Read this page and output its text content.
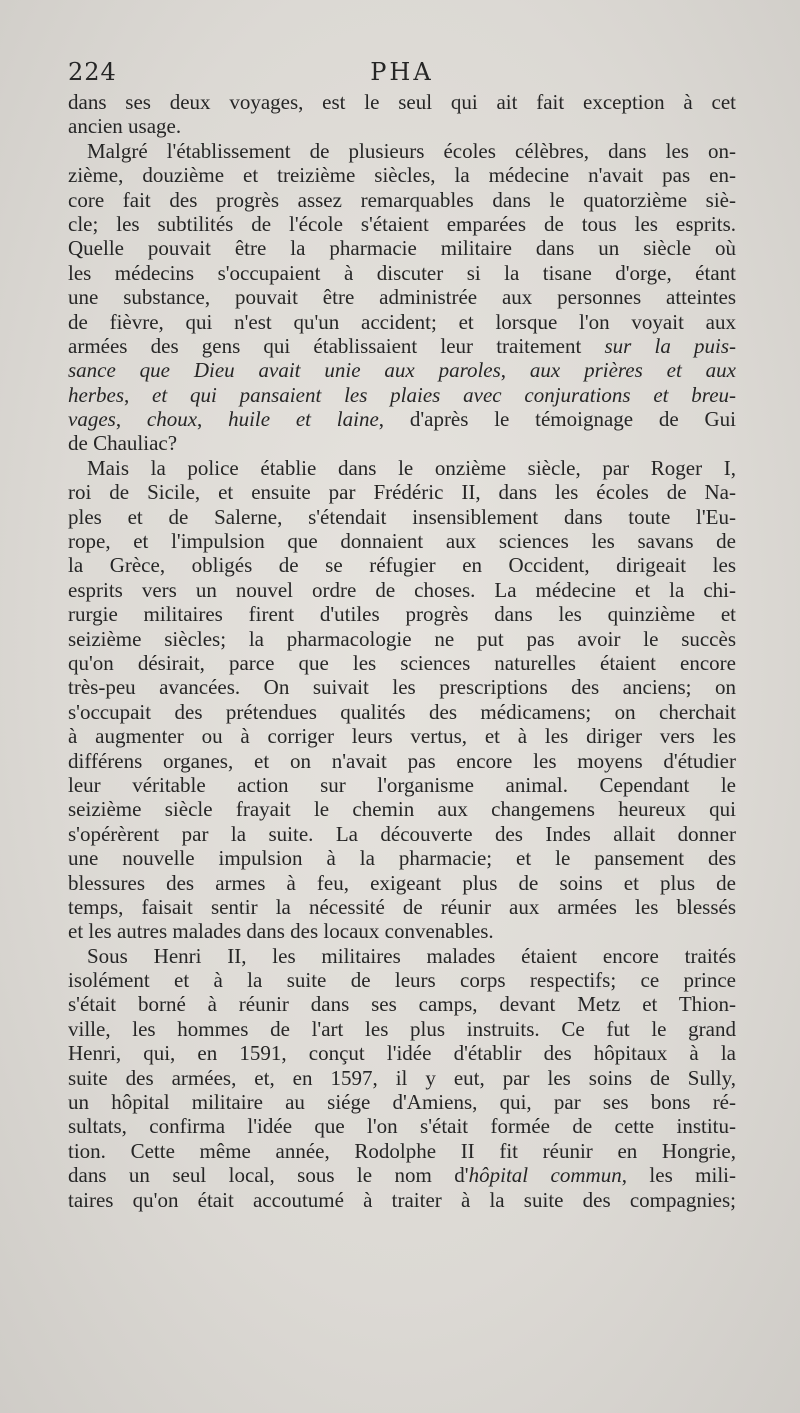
224	PHA
dans ses deux voyages, est le seul qui ait fait exception à cet
ancien usage.
Malgré l'établissement de plusieurs écoles célèbres, dans les on-
zième, douzième et treizième siècles, la médecine n'avait pas en-
core fait des progrès assez remarquables dans le quatorzième siè-
cle; les subtilités de l'école s'étaient emparées de tous les esprits.
Quelle pouvait être la pharmacie militaire dans un siècle où
les médecins s'occupaient à discuter si la tisane d'orge, étant
une substance, pouvait être administrée aux personnes atteintes
de fièvre, qui n'est qu'un accident; et lorsque l'on voyait aux
armées des gens qui établissaient leur traitement sur la puis-
sance que Dieu avait unie aux paroles, aux prières et aux
herbes, et qui pansaient les plaies avec conjurations et breu-
vages, choux, huile et laine, d'après le témoignage de Gui
de Chauliac?
Mais la police établie dans le onzième siècle, par Roger I,
roi de Sicile, et ensuite par Frédéric II, dans les écoles de Na-
ples et de Salerne, s'étendait insensiblement dans toute l'Eu-
rope, et l'impulsion que donnaient aux sciences les savans de
la Grèce, obligés de se réfugier en Occident, dirigeait les
esprits vers un nouvel ordre de choses. La médecine et la chi-
rurgie militaires firent d'utiles progrès dans les quinzième et
seizième siècles; la pharmacologie ne put pas avoir le succès
qu'on désirait, parce que les sciences naturelles étaient encore
très-peu avancées. On suivait les prescriptions des anciens; on
s'occupait des prétendues qualités des médicamens; on cherchait
à augmenter ou à corriger leurs vertus, et à les diriger vers les
différens organes, et on n'avait pas encore les moyens d'étudier
leur véritable action sur l'organisme animal. Cependant le
seizième siècle frayait le chemin aux changemens heureux qui
s'opérèrent par la suite. La découverte des Indes allait donner
une nouvelle impulsion à la pharmacie; et le pansement des
blessures des armes à feu, exigeant plus de soins et plus de
temps, faisait sentir la nécessité de réunir aux armées les blessés
et les autres malades dans des locaux convenables.
Sous Henri II, les militaires malades étaient encore traités
isolément et à la suite de leurs corps respectifs; ce prince
s'était borné à réunir dans ses camps, devant Metz et Thion-
ville, les hommes de l'art les plus instruits. Ce fut le grand
Henri, qui, en 1591, conçut l'idée d'établir des hôpitaux à la
suite des armées, et, en 1597, il y eut, par les soins de Sully,
un hôpital militaire au siége d'Amiens, qui, par ses bons ré-
sultats, confirma l'idée que l'on s'était formée de cette institu-
tion. Cette même année, Rodolphe II fit réunir en Hongrie,
dans un seul local, sous le nom d'hôpital commun, les mili-
taires qu'on était accoutumé à traiter à la suite des compagnies;
